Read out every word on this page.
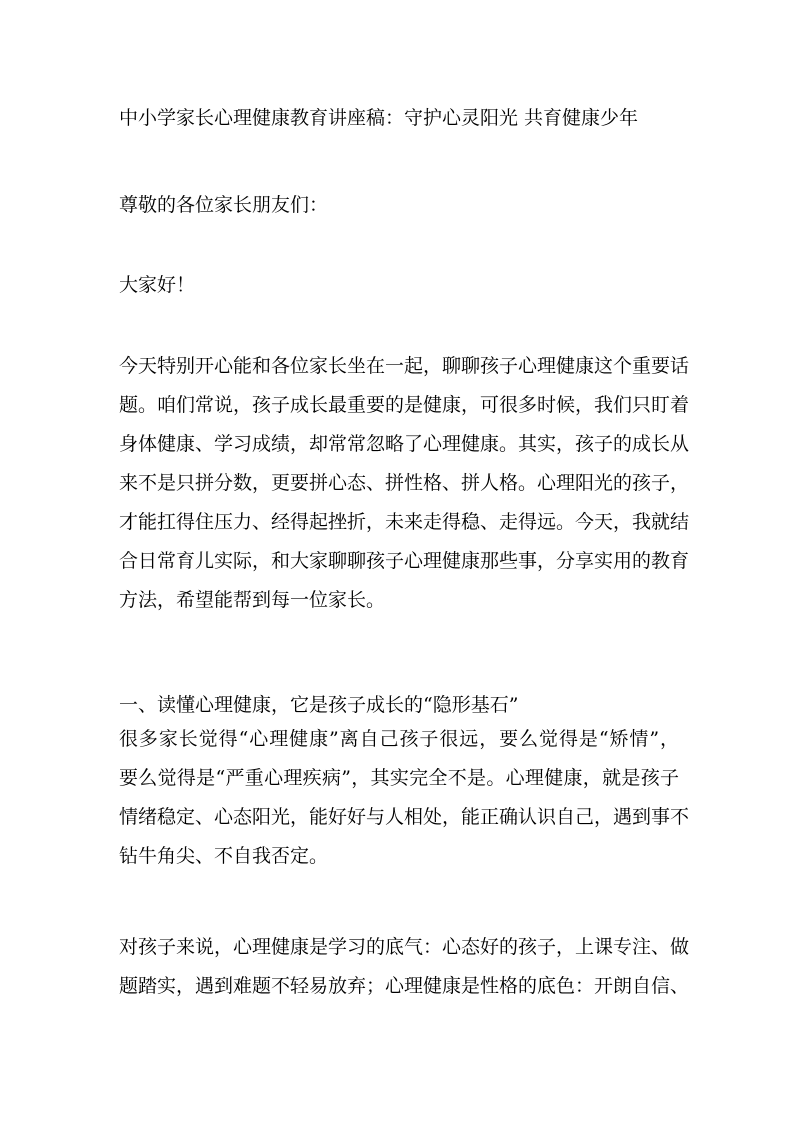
中小学家长心理健康教育讲座稿：守护心灵阳光 共育健康少年

尊敬的各位家长朋友们：

大家好！

今天特别开心能和各位家长坐在一起，聊聊孩子心理健康这个重要话

题。咱们常说，孩子成长最重要的是健康，可很多时候，我们只盯着

身体健康、学习成绩，却常常忽略了心理健康。其实，孩子的成长从

来不是只拼分数，更要拼心态、拼性格、拼人格。心理阳光的孩子，

才能扛得住压力、经得起挫折，未来走得稳、走得远。今天，我就结

合日常育儿实际，和大家聊聊孩子心理健康那些事，分享实用的教育

方法，希望能帮到每一位家长。

一、读懂心理健康，它是孩子成长的“隐形基石”

很多家长觉得“心理健康”离自己孩子很远，要么觉得是“矫情”，

要么觉得是“严重心理疾病”，其实完全不是。心理健康，就是孩子

情绪稳定、心态阳光，能好好与人相处，能正确认识自己，遇到事不

钻牛角尖、不自我否定。

对孩子来说，心理健康是学习的底气：心态好的孩子，上课专注、做

题踏实，遇到难题不轻易放弃；心理健康是性格的底色：开朗自信、
